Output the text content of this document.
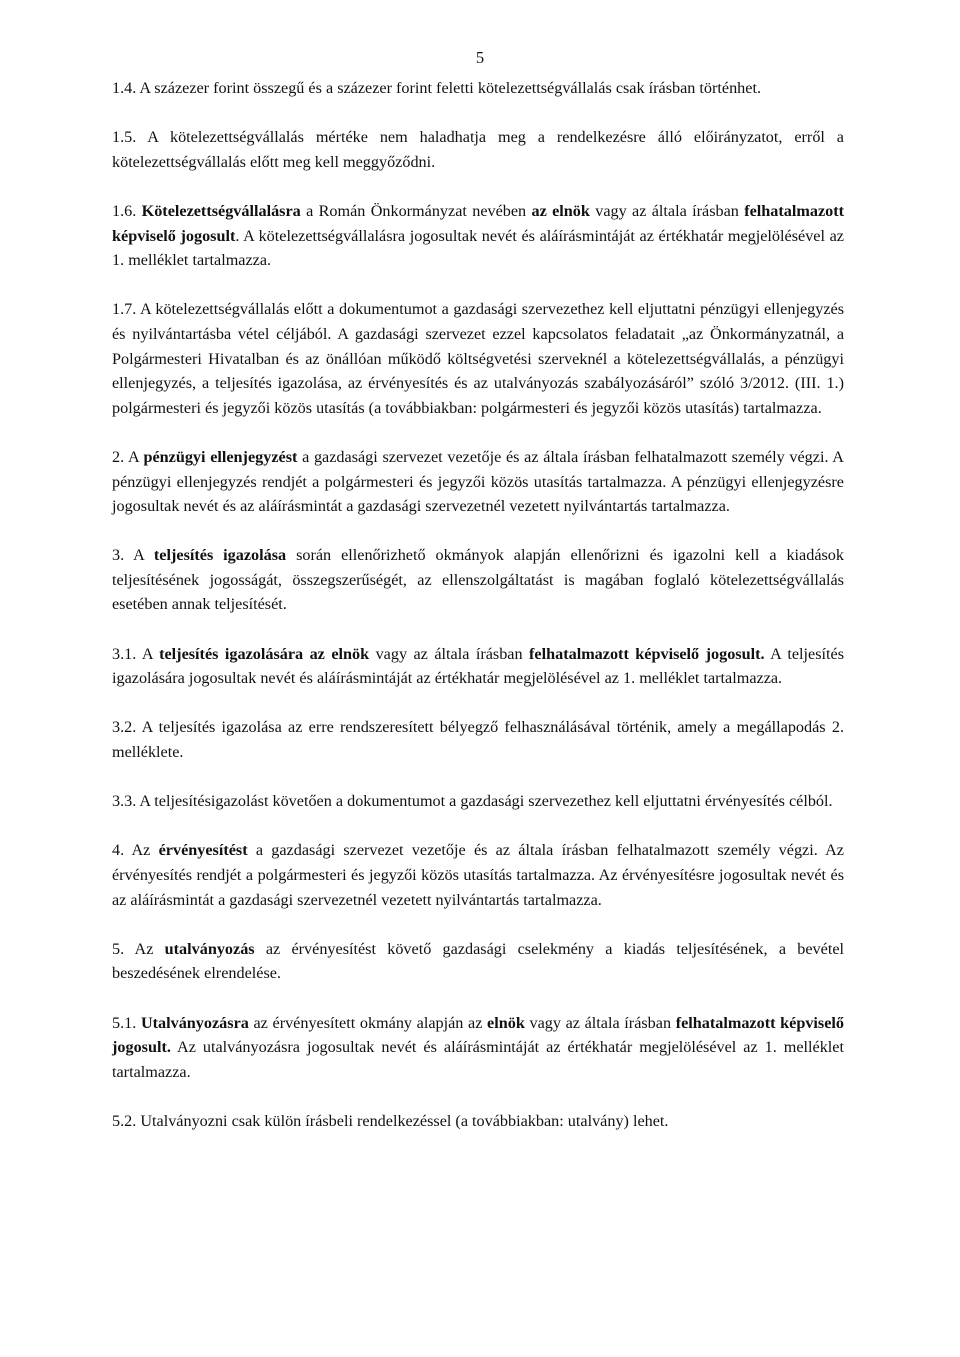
5

1.4. A százezer forint összegű és a százezer forint feletti kötelezettségvállalás csak írásban történhet.

1.5. A kötelezettségvállalás mértéke nem haladhatja meg a rendelkezésre álló előirányzatot, erről a kötelezettségvállalás előtt meg kell meggyőződni.

1.6. Kötelezettségvállalásra a Román Önkormányzat nevében az elnök vagy az általa írásban felhatalmazott képviselő jogosult. A kötelezettségvállalásra jogosultak nevét és aláírásmintáját az értékhatár megjelölésével az 1. melléklet tartalmazza.

1.7. A kötelezettségvállalás előtt a dokumentumot a gazdasági szervezethez kell eljuttatni pénzügyi ellenjegyzés és nyilvántartásba vétel céljából. A gazdasági szervezet ezzel kapcsolatos feladatait „az Önkormányzatnál, a Polgármesteri Hivatalban és az önállóan működő költségvetési szerveknél a kötelezettségvállalás, a pénzügyi ellenjegyzés, a teljesítés igazolása, az érvényesítés és az utalványozás szabályozásáról” szóló 3/2012. (III. 1.) polgármesteri és jegyzői közös utasítás (a továbbiakban: polgármesteri és jegyzői közös utasítás) tartalmazza.

2. A pénzügyi ellenjegyzést a gazdasági szervezet vezetője és az általa írásban felhatalmazott személy végzi. A pénzügyi ellenjegyzés rendjét a polgármesteri és jegyzői közös utasítás tartalmazza. A pénzügyi ellenjegyzésre jogosultak nevét és az aláírásmintát a gazdasági szervezetnél vezetett nyilvántartás tartalmazza.

3. A teljesítés igazolása során ellenőrizhető okmányok alapján ellenőrizni és igazolni kell a kiadások teljesítésének jogosságát, összegszerűségét, az ellenszolgáltatást is magában foglaló kötelezettségvállalás esetében annak teljesítését.

3.1. A teljesítés igazolására az elnök vagy az általa írásban felhatalmazott képviselő jogosult. A teljesítés igazolására jogosultak nevét és aláírásmintáját az értékhatár megjelölésével az 1. melléklet tartalmazza.

3.2. A teljesítés igazolása az erre rendszeresített bélyegző felhasználásával történik, amely a megállapodás 2. melléklete.

3.3. A teljesítésigazolást követően a dokumentumot a gazdasági szervezethez kell eljuttatni érvényesítés célból.

4. Az érvényesítést a gazdasági szervezet vezetője és az általa írásban felhatalmazott személy végzi. Az érvényesítés rendjét a polgármesteri és jegyzői közös utasítás tartalmazza. Az érvényesítésre jogosultak nevét és az aláírásmintát a gazdasági szervezetnél vezetett nyilvántartás tartalmazza.

5. Az utalványozás az érvényesítést követő gazdasági cselekmény a kiadás teljesítésének, a bevétel beszedésének elrendelése.

5.1. Utalványozásra az érvényesített okmány alapján az elnök vagy az általa írásban felhatalmazott képviselő jogosult. Az utalványozásra jogosultak nevét és aláírásmintáját az értékhatár megjelölésével az 1. melléklet tartalmazza.

5.2. Utalványozni csak külön írásbeli rendelkezéssel (a továbbiakban: utalvány) lehet.
